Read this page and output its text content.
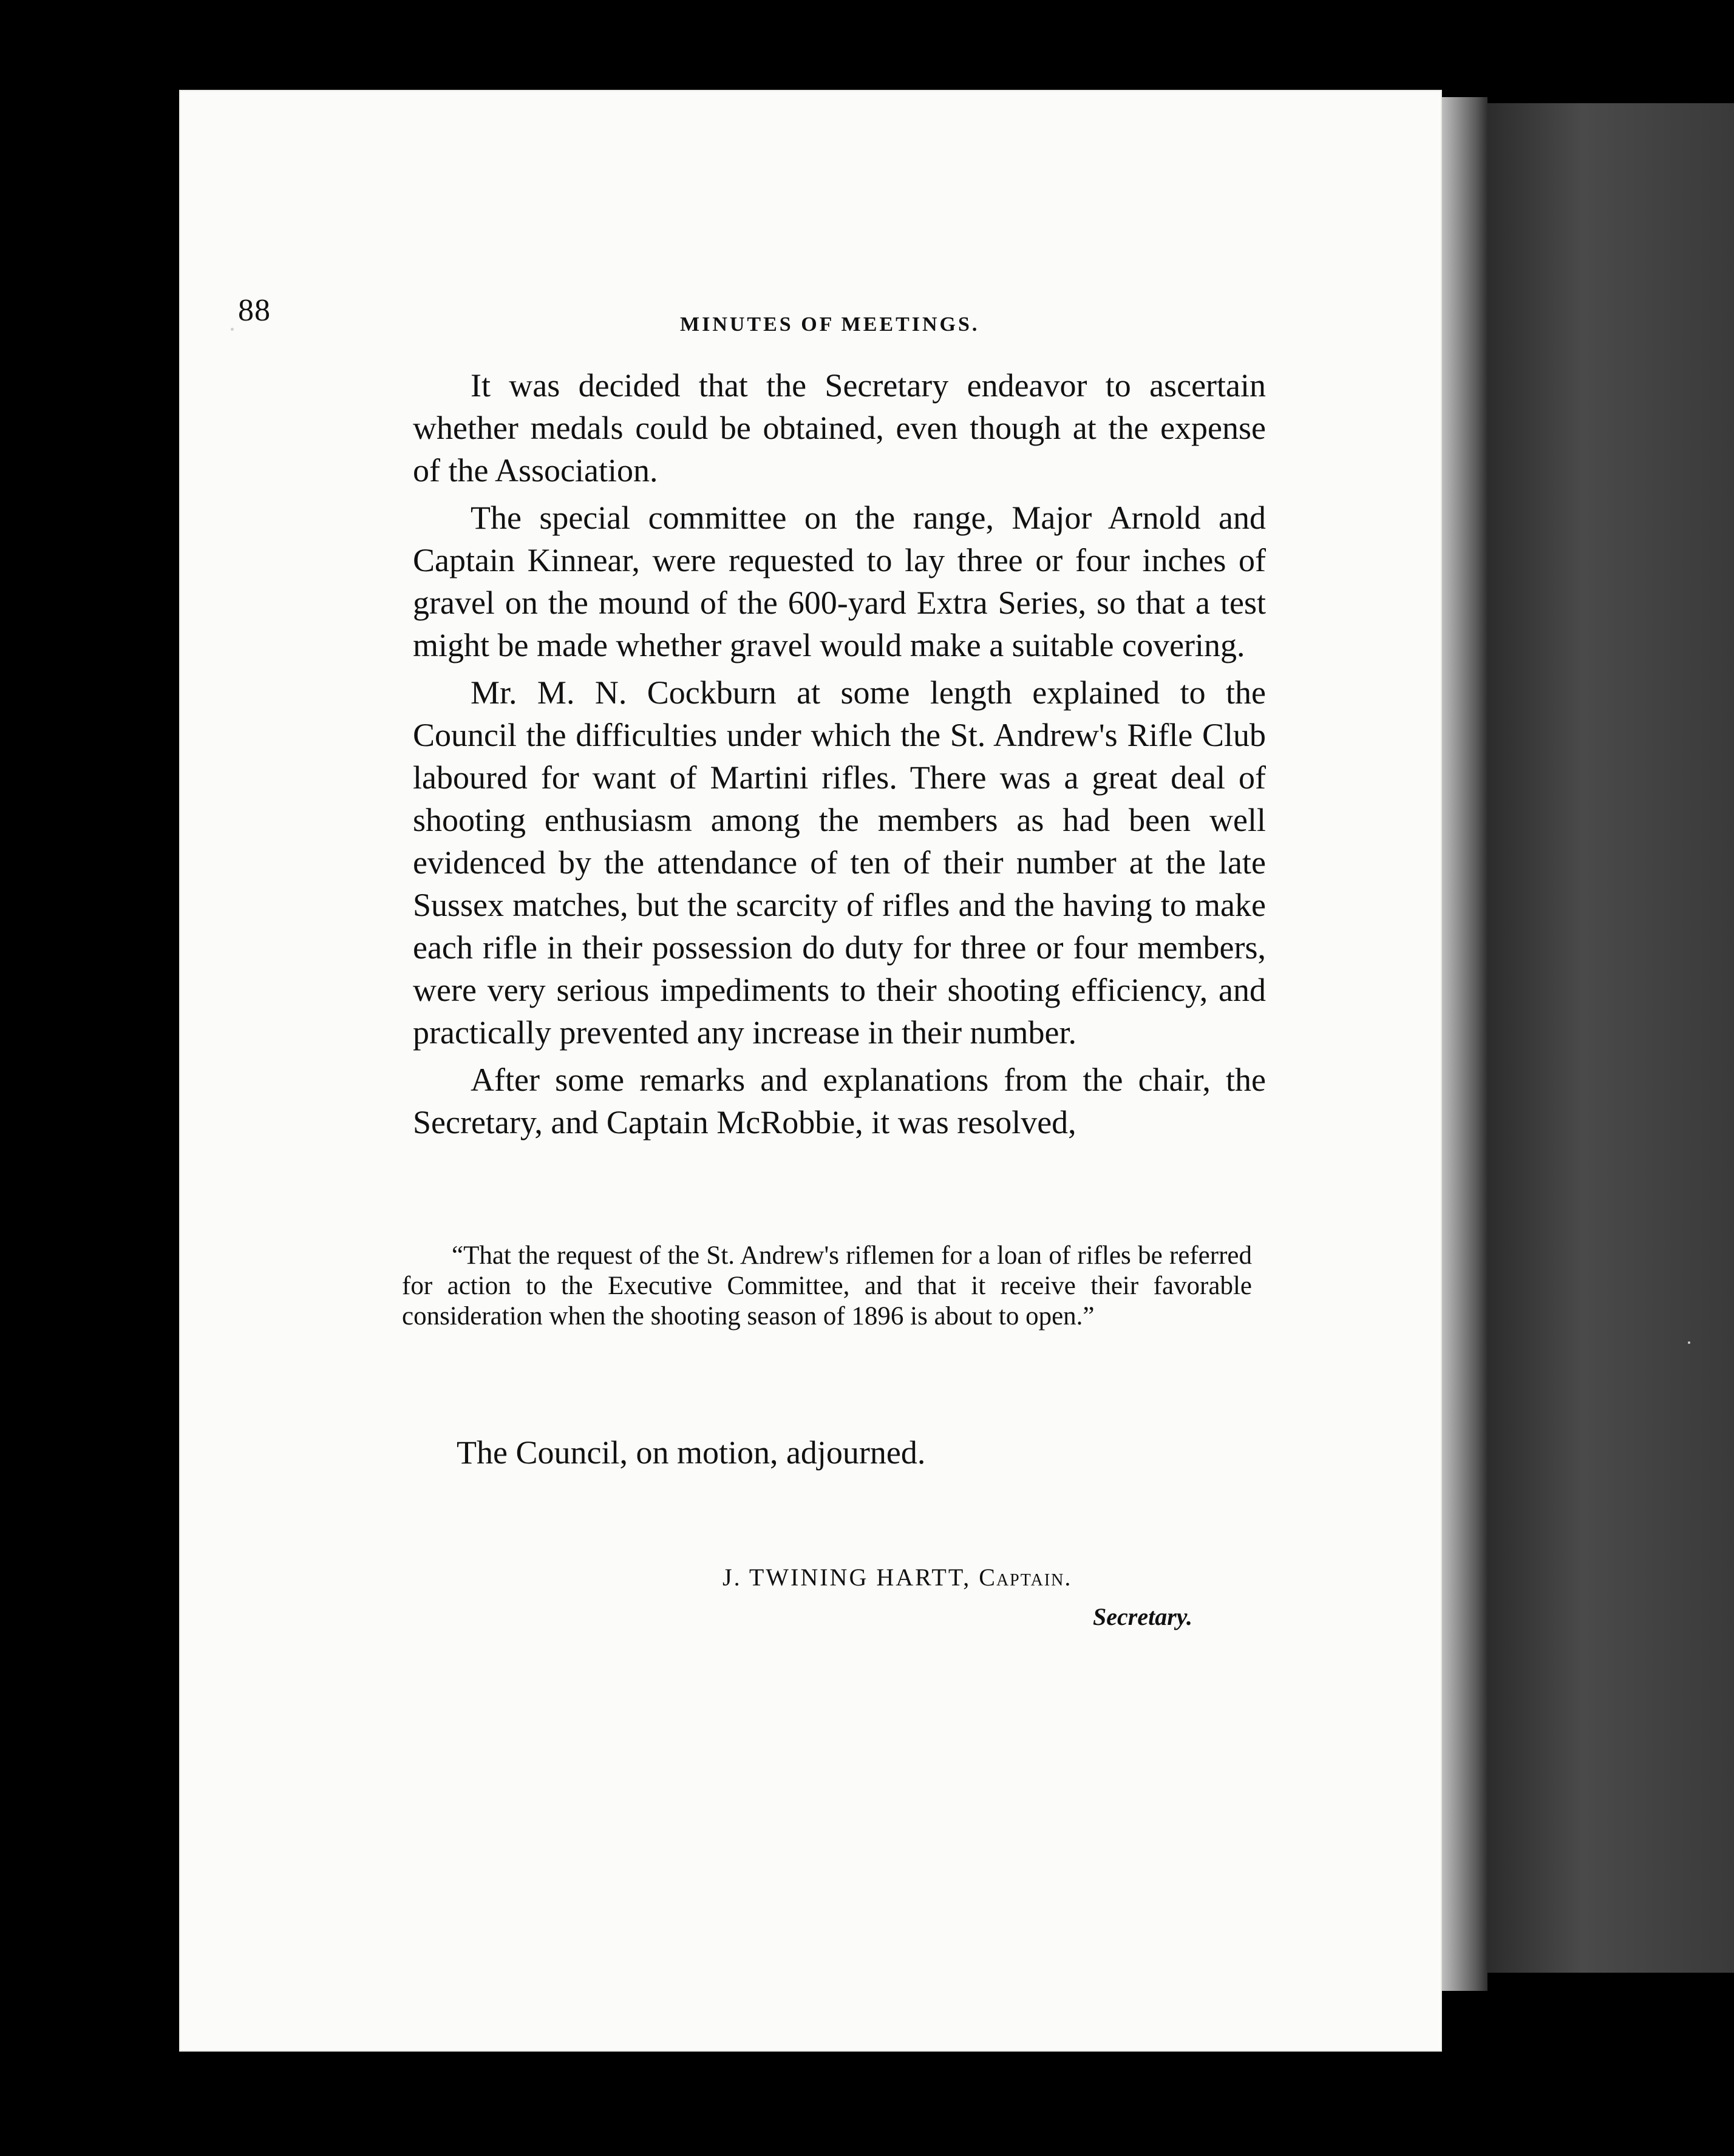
88	MINUTES OF MEETINGS.

It was decided that the Secretary endeavor to ascertain whether medals could be obtained, even though at the expense of the Association.

The special committee on the range, Major Arnold and Captain Kinnear, were requested to lay three or four inches of gravel on the mound of the 600-yard Extra Series, so that a test might be made whether gravel would make a suitable covering.

Mr. M. N. Cockburn at some length explained to the Council the difficulties under which the St. Andrew's Rifle Club laboured for want of Martini rifles. There was a great deal of shooting enthusiasm among the members as had been well evidenced by the attendance of ten of their number at the late Sussex matches, but the scarcity of rifles and the having to make each rifle in their possession do duty for three or four members, were very serious impediments to their shooting efficiency, and practically prevented any increase in their number.

After some remarks and explanations from the chair, the Secretary, and Captain McRobbie, it was resolved,

“That the request of the St. Andrew's riflemen for a loan of rifles be referred for action to the Executive Committee, and that it receive their favorable consideration when the shooting season of 1896 is about to open.”

The Council, on motion, adjourned.

J. TWINING HARTT, Captain.
Secretary.
